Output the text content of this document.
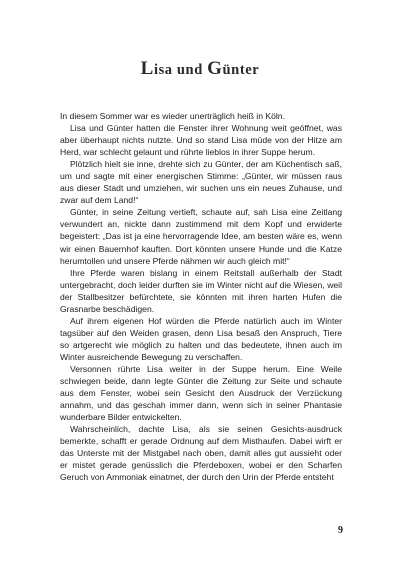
Lisa und Günter

In diesem Sommer war es wieder unerträglich heiß in Köln.

Lisa und Günter hatten die Fenster ihrer Wohnung weit geöffnet, was aber überhaupt nichts nutzte. Und so stand Lisa müde von der Hitze am Herd, war schlecht gelaunt und rührte lieblos in ihrer Suppe herum.

Plötzlich hielt sie inne, drehte sich zu Günter, der am Küchentisch saß, um und sagte mit einer energischen Stimme: „Günter, wir müssen raus aus dieser Stadt und umziehen, wir suchen uns ein neues Zuhause, und zwar auf dem Land!“

Günter, in seine Zeitung vertieft, schaute auf, sah Lisa eine Zeitlang verwundert an, nickte dann zustimmend mit dem Kopf und erwiderte begeistert: „Das ist ja eine hervorragende Idee, am besten wäre es, wenn wir einen Bauernhof kauften. Dort könnten unsere Hunde und die Katze herumtollen und unsere Pferde nähmen wir auch gleich mit!“

Ihre Pferde waren bislang in einem Reitstall außerhalb der Stadt untergebracht, doch leider durften sie im Winter nicht auf die Wiesen, weil der Stallbesitzer befürchtete, sie könnten mit ihren harten Hufen die Grasnarbe beschädigen.

Auf ihrem eigenen Hof würden die Pferde natürlich auch im Winter tagsüber auf den Weiden grasen, denn Lisa besaß den Anspruch, Tiere so artgerecht wie möglich zu halten und das bedeutete, ihnen auch im Winter ausreichende Bewegung zu verschaffen.

Versonnen rührte Lisa weiter in der Suppe herum. Eine Weile schwiegen beide, dann legte Günter die Zeitung zur Seite und schaute aus dem Fenster, wobei sein Gesicht den Ausdruck der Verzückung annahm, und das geschah immer dann, wenn sich in seiner Phantasie wunderbare Bilder entwickelten.

Wahrscheinlich, dachte Lisa, als sie seinen Gesichts-ausdruck bemerkte, schafft er gerade Ordnung auf dem Misthaufen. Dabei wirft er das Unterste mit der Mistgabel nach oben, damit alles gut aussieht oder er mistet gerade genüsslich die Pferdeboxen, wobei er den Scharfen Geruch von Ammoniak einatmet, der durch den Urin der Pferde entsteht

9
